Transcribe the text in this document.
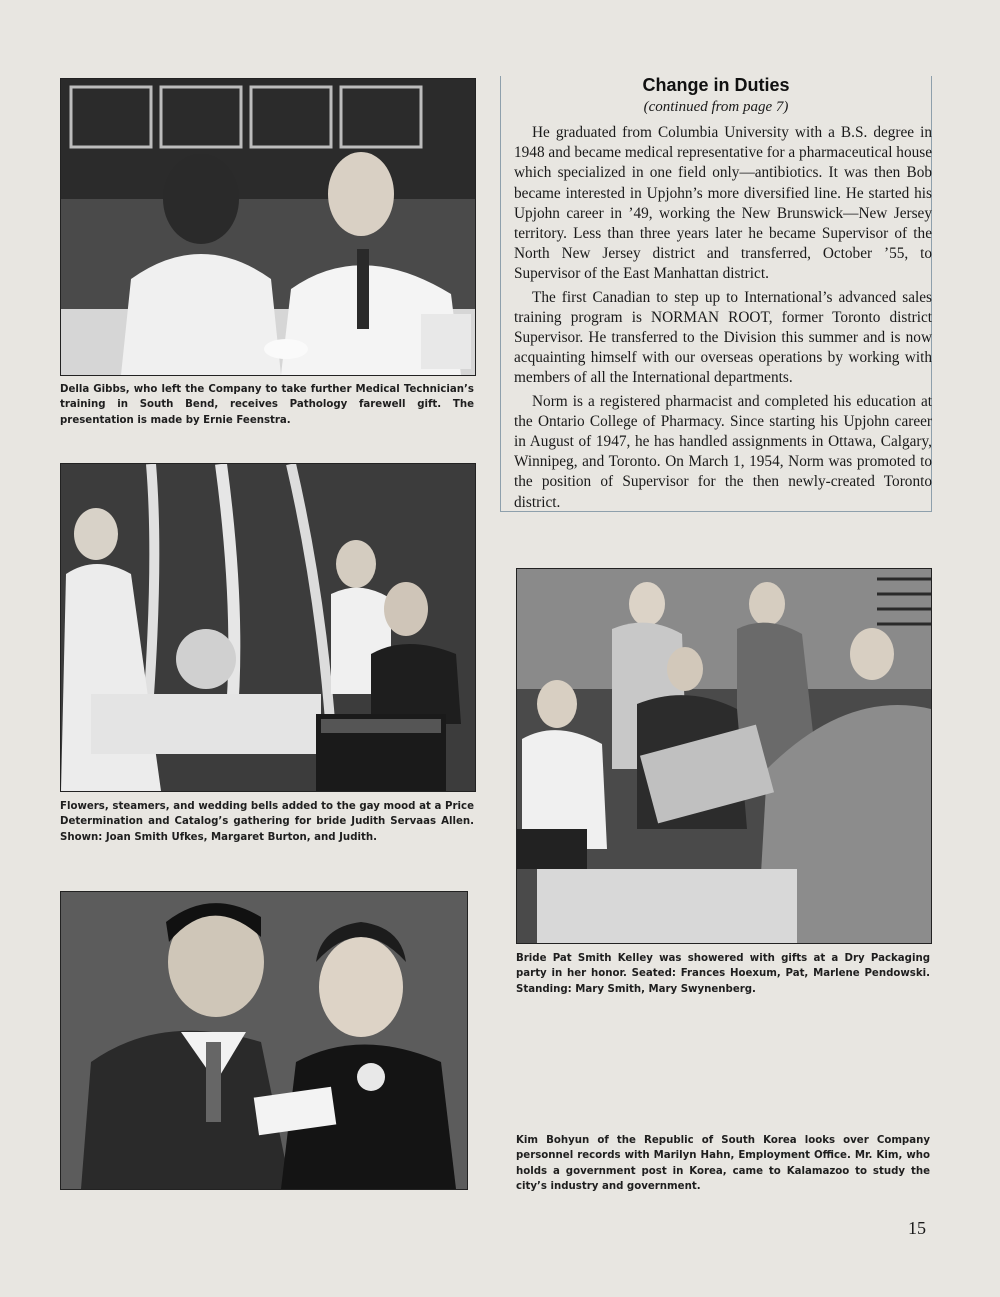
Della Gibbs, who left the Company to take further Medical Technician’s training in South Bend, receives Pathology farewell gift. The presentation is made by Ernie Feenstra.

Flowers, steamers, and wedding bells added to the gay mood at a Price Determination and Catalog’s gathering for bride Judith Servaas Allen. Shown: Joan Smith Ufkes, Margaret Burton, and Judith.

Bride Pat Smith Kelley was showered with gifts at a Dry Packaging party in her honor. Seated: Frances Hoexum, Pat, Marlene Pendowski. Standing: Mary Smith, Mary Swynenberg.

Kim Bohyun of the Republic of South Korea looks over Company personnel records with Marilyn Hahn, Employment Office. Mr. Kim, who holds a government post in Korea, came to Kalamazoo to study the city’s industry and government.

Change in Duties

(continued from page 7)

He graduated from Columbia University with a B.S. degree in 1948 and became medical representative for a pharmaceutical house which specialized in one field only—antibiotics. It was then Bob became interested in Upjohn’s more diversified line. He started his Upjohn career in ’49, working the New Brunswick—New Jersey territory. Less than three years later he became Supervisor of the North New Jersey district and transferred, October ’55, to Supervisor of the East Manhattan district.

The first Canadian to step up to International’s advanced sales training program is NORMAN ROOT, former Toronto district Supervisor. He transferred to the Division this summer and is now acquainting himself with our overseas operations by working with members of all the International departments.

Norm is a registered pharmacist and completed his education at the Ontario College of Pharmacy. Since starting his Upjohn career in August of 1947, he has handled assignments in Ottawa, Calgary, Winnipeg, and Toronto. On March 1, 1954, Norm was promoted to the position of Supervisor for the then newly-created Toronto district.

15
